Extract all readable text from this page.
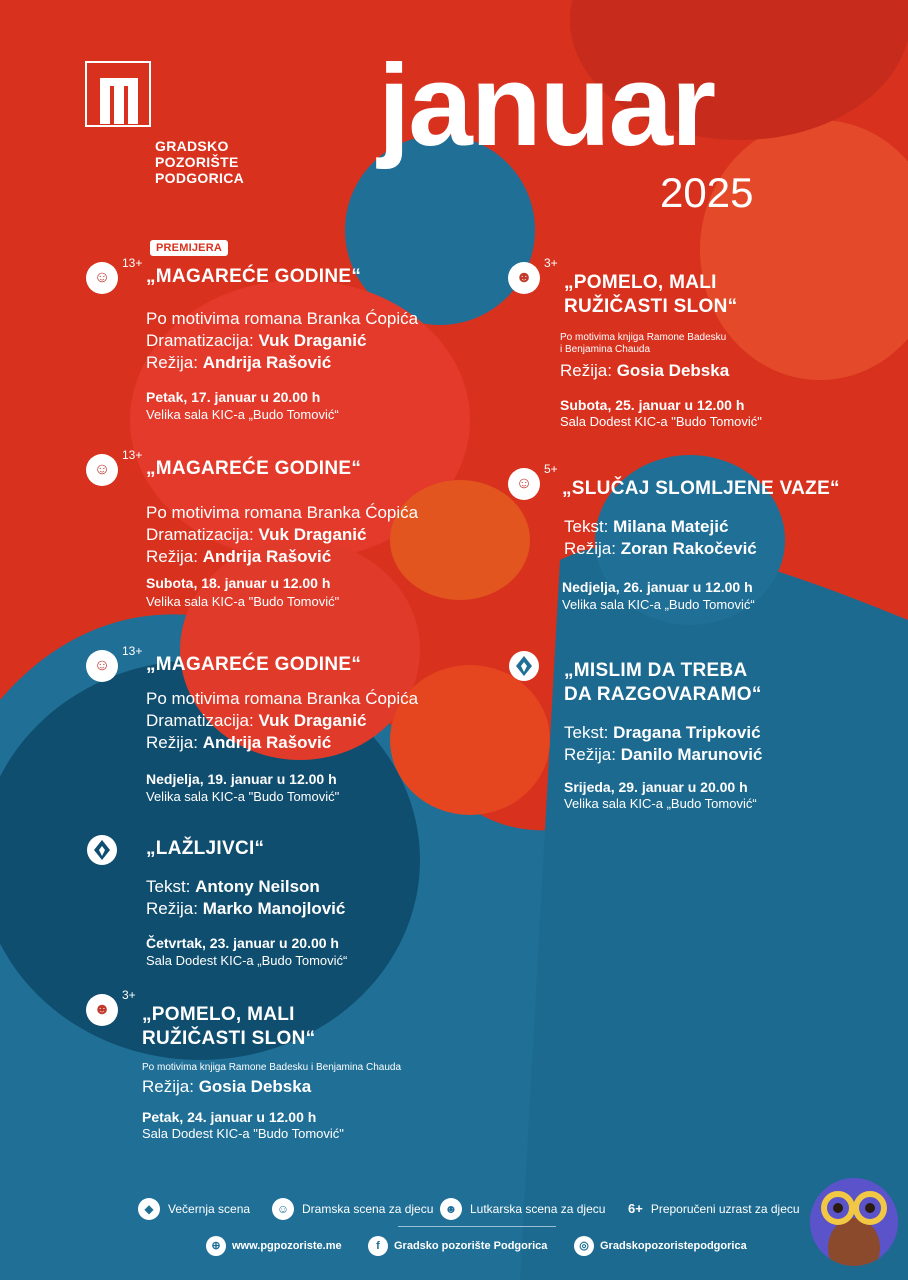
GRADSKO
POZORIŠTE
PODGORICA
januar
2025
☺
13+
PREMIJERA
„MAGAREĆE GODINE“
Po motivima romana Branka Ćopića
Dramatizacija: Vuk Draganić
Režija: Andrija Rašović
Petak, 17. januar u 20.00 h
Velika sala KIC-a „Budo Tomović“
☺
13+
„MAGAREĆE GODINE“
Po motivima romana Branka Ćopića
Dramatizacija: Vuk Draganić
Režija: Andrija Rašović
Subota, 18. januar u 12.00 h
Velika sala KIC-a "Budo Tomović"
☺
13+
„MAGAREĆE GODINE“
Po motivima romana Branka Ćopića
Dramatizacija: Vuk Draganić
Režija: Andrija Rašović
Nedjelja, 19. januar u 12.00 h
Velika sala KIC-a "Budo Tomović"
„LAŽLJIVCI“
Tekst: Antony Neilson
Režija: Marko Manojlović
Četvrtak, 23. januar u 20.00 h
Sala Dodest KIC-a „Budo Tomović“
☻
3+
„POMELO, MALI
RUŽIČASTI SLON“
Po motivima knjiga Ramone Badesku i Benjamina Chauda
Režija: Gosia Debska
Petak, 24. januar u 12.00 h
Sala Dodest KIC-a "Budo Tomović"
☻
3+
„POMELO, MALI
RUŽIČASTI SLON“
Po motivima knjiga Ramone Badesku
i Benjamina Chauda
Režija: Gosia Debska
Subota, 25. januar u 12.00 h
Sala Dodest KIC-a "Budo Tomović"
☺
5+
„SLUČAJ SLOMLJENE VAZE“
Tekst: Milana Matejić
Režija: Zoran Rakočević
Nedjelja, 26. januar u 12.00 h
Velika sala KIC-a „Budo Tomović“
„MISLIM DA TREBA
DA RAZGOVARAMO“
Tekst: Dragana Tripković
Režija: Danilo Marunović
Srijeda, 29. januar u 20.00 h
Velika sala KIC-a „Budo Tomović“
◆	Večernja scena	☺	Dramska scena za djecu ☻	Lutkarska scena za djecu 6+ Preporučeni uzrast za djecu
⊕	www.pgpozoriste.me	f	Gradsko pozorište Podgorica	◎	Gradskopozoristepodgorica
